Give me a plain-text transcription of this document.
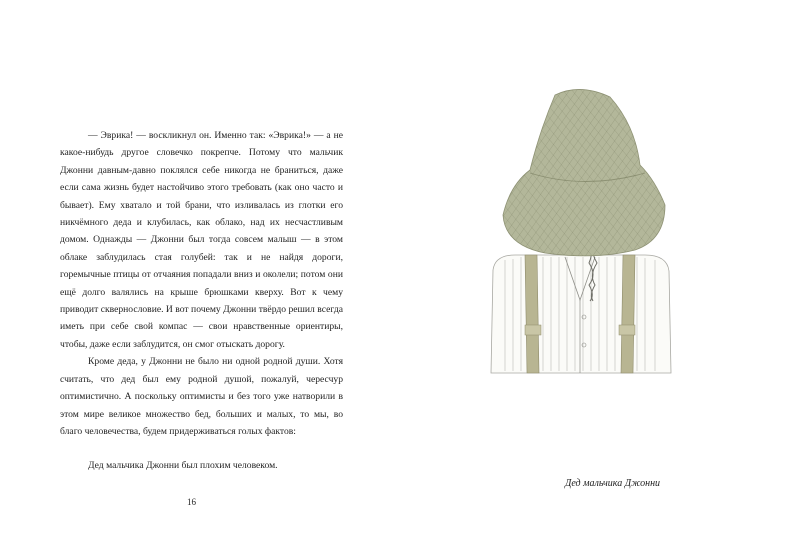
— Эврика! — воскликнул он. Именно так: «Эврика!» — а не какое-нибудь другое словечко покрепче. Потому что мальчик Джонни давным-давно поклялся себе никогда не браниться, даже если сама жизнь будет настойчиво этого требовать (как оно часто и бывает). Ему хватало и той брани, что изливалась из глотки его никчёмного деда и клубилась, как облако, над их несчастливым домом. Однажды — Джонни был тогда совсем малыш — в этом облаке заблудилась стая голубей: так и не найдя дороги, горемычные птицы от отчаяния попадали вниз и околели; потом они ещё долго валялись на крыше брюшками кверху. Вот к чему приводит сквернословие. И вот почему Джонни твёрдо решил всегда иметь при себе свой компас — свои нравственные ориентиры, чтобы, даже если заблудится, он смог отыскать дорогу.

Кроме деда, у Джонни не было ни одной родной души. Хотя считать, что дед был ему родной душой, пожалуй, чересчур оптимистично. А поскольку оптимисты и без того уже натворили в этом мире великое множество бед, больших и малых, то мы, во благо человечества, будем придерживаться голых фактов:

Дед мальчика Джонни был плохим человеком.

16
Дед мальчика Джонни
